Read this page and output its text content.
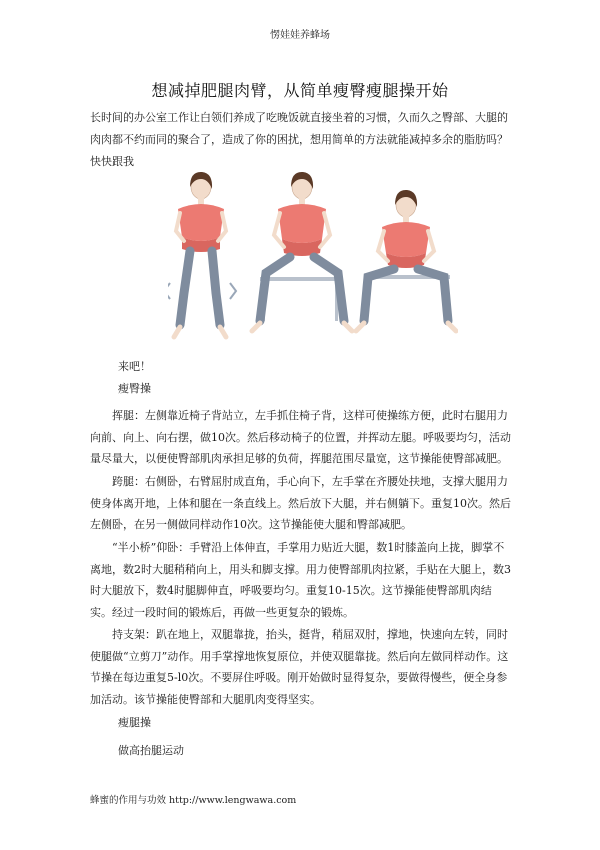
愣娃娃养蜂场
想减掉肥腿肉臂，从简单瘦臀瘦腿操开始

长时间的办公室工作让白领们养成了吃晚饭就直接坐着的习惯，久而久之臀部、大腿的肉肉都不约而同的聚合了，造成了你的困扰，想用简单的方法就能减掉多余的脂肪吗？快快跟我

来吧！

瘦臀操

挥腿：左侧靠近椅子背站立，左手抓住椅子背，这样可使操练方便，此时右腿用力向前、向上、向右摆，做10次。然后移动椅子的位置，并挥动左腿。呼吸要均匀，活动量尽量大，以便使臀部肌肉承担足够的负荷，挥腿范围尽量宽，这节操能使臀部减肥。

跨腿：右侧卧，右臂屈肘成直角，手心向下，左手掌在齐腰处扶地，支撑大腿用力使身体离开地，上体和腿在一条直线上。然后放下大腿，并右侧躺下。重复10次。然后左侧卧，在另一侧做同样动作10次。这节操能使大腿和臀部减肥。

“半小桥”仰卧：手臂沿上体伸直，手掌用力贴近大腿，数1时膝盖向上拢，脚掌不离地，数2时大腿稍稍向上，用头和脚支撑。用力使臀部肌肉拉紧，手贴在大腿上，数3时大腿放下，数4时腿脚伸直，呼吸要均匀。重复10-15次。这节操能使臀部肌肉结实。经过一段时间的锻炼后，再做一些更复杂的锻炼。

持支架：趴在地上，双腿靠拢，抬头，挺背，稍屈双肘，撑地，快速向左转，同时使腿做“立剪刀”动作。用手掌撑地恢复原位，并使双腿靠拢。然后向左做同样动作。这节操在每边重复5-l0次。不要屏住呼吸。刚开始做时显得复杂，要做得慢些，便全身参加活动。该节操能使臀部和大腿肌肉变得坚实。

瘦腿操

做高抬腿运动

蜂蜜的作用与功效 http://www.lengwawa.com
